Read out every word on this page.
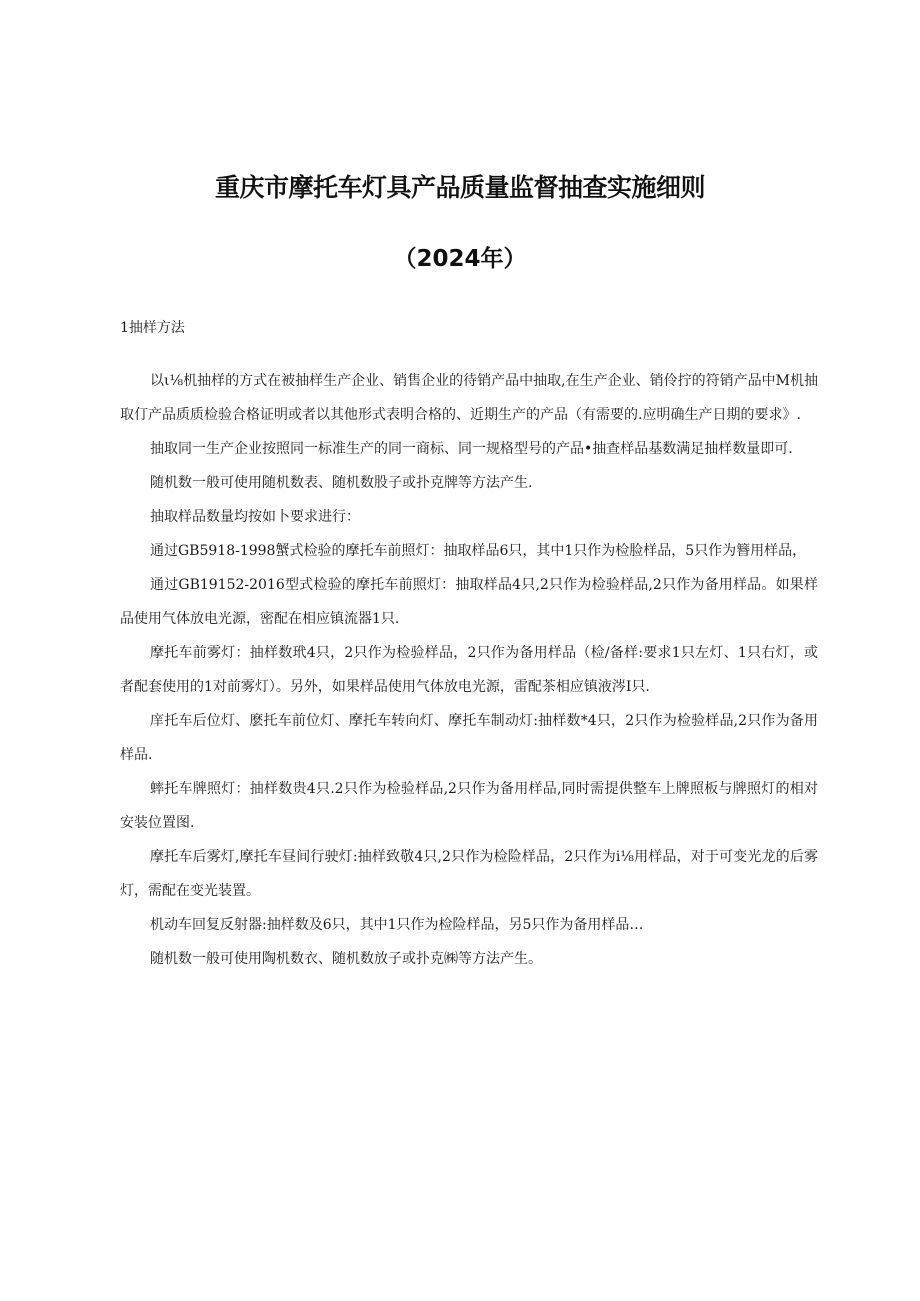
重庆市摩托车灯具产品质量监督抽查实施细则
（2024年）
1抽样方法

以ι⅛机抽样的方式在被抽样生产企业、销售企业的待销产品中抽取,在生产企业、销伶拧的符销产品中M机抽取仃产品质质检验合格证明或者以其他形式表明合格的、近期生产的产品（有需要的.应明确生产日期的要求》.

抽取同一生产企业按照同一标准生产的同一商标、同一规格型号的产品•抽查样品基数满足抽样数量即可.

随机数一般可使用随机数表、随机数股子或扑克牌等方法产生.

抽取样品数量均按如卜要求进行：

通过GB5918-1998蟹式检验的摩托车前照灯：抽取样品6只，其中1只作为检脸样品，5只作为簪用样品，

通过GB19152-2016型式检验的摩托车前照灯：抽取样品4只,2只作为检验样品,2只作为备用样品。如果样品使用气体放电光源，密配在相应镇流器1只.

摩托车前雾灯：抽样数玳4只，2只作为检验样品，2只作为备用样品（检/备样:要求1只左灯、1只右灯，或者配套使用的1对前雾灯）。另外，如果样品使用气体放电光源，雷配茶相应镇液涔Ι只.

庠托车后位灯、麽托车前位灯、摩托车转向灯、摩托车制动灯:抽样数*4只，2只作为检验样品,2只作为备用样品.

蟀托车牌照灯：抽样数贵4只.2只作为检验样品,2只作为备用样品,同时需提供整车上牌照板与牌照灯的相对安装位置图.

摩托车后雾灯,摩托车昼间行驶灯:抽样致敬4只,2只作为检险样品，2只作为i⅛用样品，对于可变光龙的后雾灯，需配在变光装置。

机动车回复反射器:抽样数及6只，其中1只作为检险样品，另5只作为备用样品…

随机数一般可使用陶机数衣、随机数放子或扑克㈱等方法产生。
